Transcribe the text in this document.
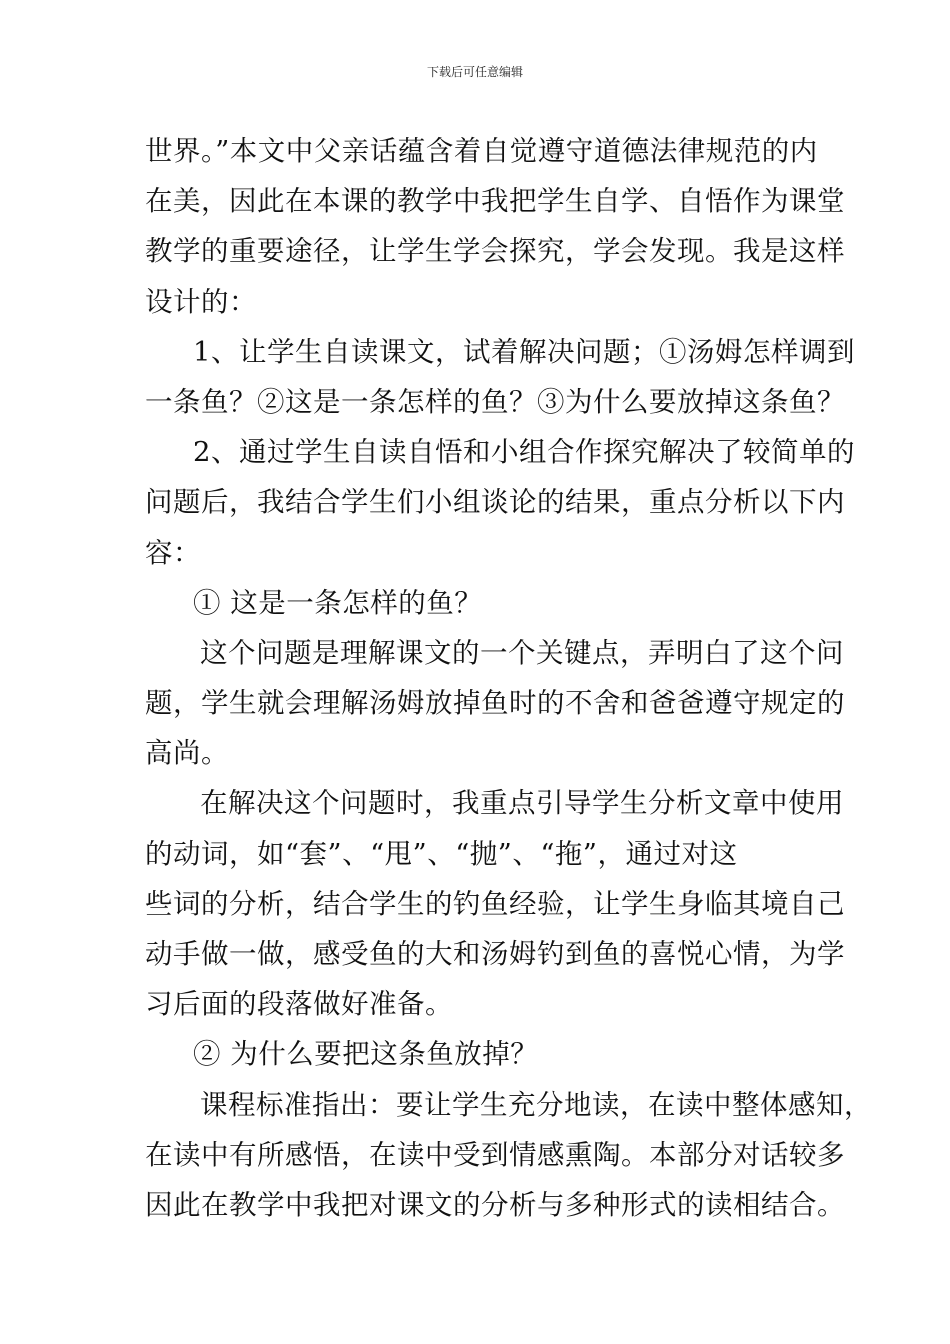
下载后可任意编辑
世界。”本文中父亲话蕴含着自觉遵守道德法律规范的内
在美，因此在本课的教学中我把学生自学、自悟作为课堂
教学的重要途径，让学生学会探究，学会发现。我是这样
设计的：
1、让学生自读课文，试着解决问题；①汤姆怎样调到
一条鱼？②这是一条怎样的鱼？③为什么要放掉这条鱼？
2、通过学生自读自悟和小组合作探究解决了较简单的
问题后，我结合学生们小组谈论的结果，重点分析以下内
容：
① 这是一条怎样的鱼？
这个问题是理解课文的一个关键点，弄明白了这个问
题，学生就会理解汤姆放掉鱼时的不舍和爸爸遵守规定的
高尚。
在解决这个问题时，我重点引导学生分析文章中使用
的动词，如“套”、“甩”、“抛”、“拖”，通过对这
些词的分析，结合学生的钓鱼经验，让学生身临其境自己
动手做一做，感受鱼的大和汤姆钓到鱼的喜悦心情，为学
习后面的段落做好准备。
② 为什么要把这条鱼放掉？
课程标准指出：要让学生充分地读，在读中整体感知，
在读中有所感悟，在读中受到情感熏陶。本部分对话较多
因此在教学中我把对课文的分析与多种形式的读相结合。
